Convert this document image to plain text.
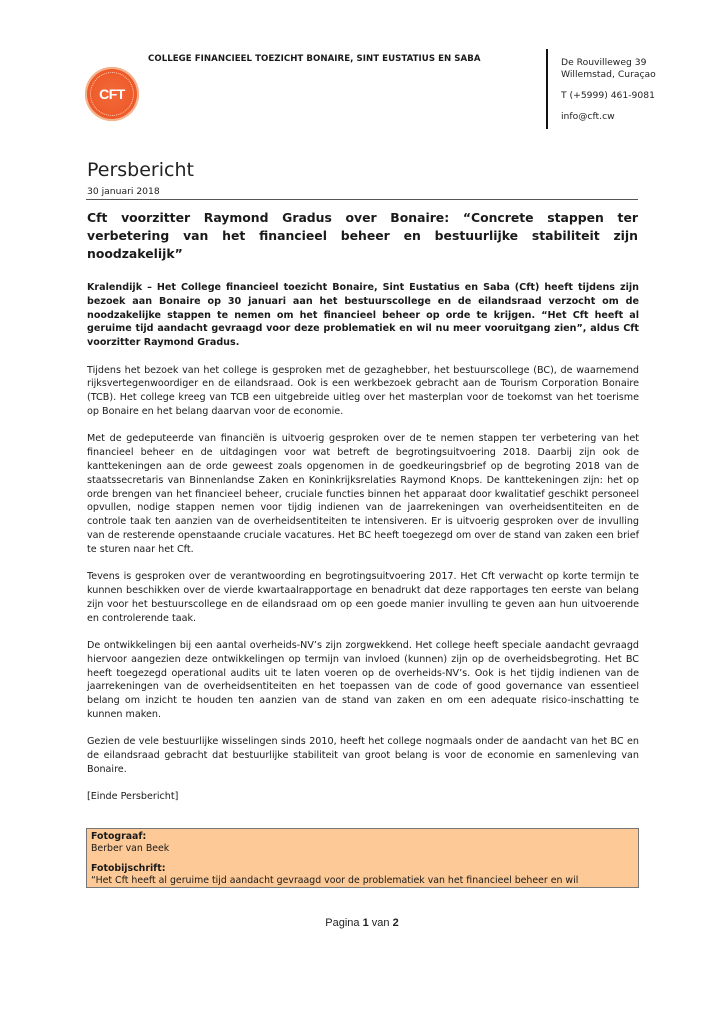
CFT
COLLEGE FINANCIEEL TOEZICHT BONAIRE, SINT EUSTATIUS EN SABA	De Rouvilleweg 39
Willemstad, Curaçao
T (+5999) 461-9081
info@cft.cw
Persbericht
30 januari 2018
Cft voorzitter Raymond Gradus over Bonaire: “Concrete stappen ter verbetering van het financieel beheer en bestuurlijke stabiliteit zijn noodzakelijk”

Kralendijk – Het College financieel toezicht Bonaire, Sint Eustatius en Saba (Cft) heeft tijdens zijn bezoek aan Bonaire op 30 januari aan het bestuurscollege en de eilandsraad verzocht om de noodzakelijke stappen te nemen om het financieel beheer op orde te krijgen. “Het Cft heeft al geruime tijd aandacht gevraagd voor deze problematiek en wil nu meer vooruitgang zien”, aldus Cft voorzitter Raymond Gradus.

Tijdens het bezoek van het college is gesproken met de gezaghebber, het bestuurscollege (BC), de waarnemend rijksvertegenwoordiger en de eilandsraad. Ook is een werkbezoek gebracht aan de Tourism Corporation Bonaire (TCB). Het college kreeg van TCB een uitgebreide uitleg over het masterplan voor de toekomst van het toerisme op Bonaire en het belang daarvan voor de economie.

Met de gedeputeerde van financiën is uitvoerig gesproken over de te nemen stappen ter verbetering van het financieel beheer en de uitdagingen voor wat betreft de begrotingsuitvoering 2018. Daarbij zijn ook de kanttekeningen aan de orde geweest zoals opgenomen in de goedkeuringsbrief op de begroting 2018 van de staatssecretaris van Binnenlandse Zaken en Koninkrijksrelaties Raymond Knops. De kanttekeningen zijn: het op orde brengen van het financieel beheer, cruciale functies binnen het apparaat door kwalitatief geschikt personeel opvullen, nodige stappen nemen voor tijdig indienen van de jaarrekeningen van overheidsentiteiten en de controle taak ten aanzien van de overheidsentiteiten te intensiveren. Er is uitvoerig gesproken over de invulling van de resterende openstaande cruciale vacatures. Het BC heeft toegezegd om over de stand van zaken een brief te sturen naar het Cft.

Tevens is gesproken over de verantwoording en begrotingsuitvoering 2017. Het Cft verwacht op korte termijn te kunnen beschikken over de vierde kwartaalrapportage en benadrukt dat deze rapportages ten eerste van belang zijn voor het bestuurscollege en de eilandsraad om op een goede manier invulling te geven aan hun uitvoerende en controlerende taak.

De ontwikkelingen bij een aantal overheids-NV’s zijn zorgwekkend. Het college heeft speciale aandacht gevraagd hiervoor aangezien deze ontwikkelingen op termijn van invloed (kunnen) zijn op de overheidsbegroting. Het BC heeft toegezegd operational audits uit te laten voeren op de overheids-NV’s. Ook is het tijdig indienen van de jaarrekeningen van de overheidsentiteiten en het toepassen van de code of good governance van essentieel belang om inzicht te houden ten aanzien van de stand van zaken en om een adequate risico-inschatting te kunnen maken.

Gezien de vele bestuurlijke wisselingen sinds 2010, heeft het college nogmaals onder de aandacht van het BC en de eilandsraad gebracht dat bestuurlijke stabiliteit van groot belang is voor de economie en samenleving van Bonaire.

[Einde Persbericht]

Fotograaf:
Berber van Beek
Fotobijschrift:
“Het Cft heeft al geruime tijd aandacht gevraagd voor de problematiek van het financieel beheer en wil
Pagina 1 van 2
